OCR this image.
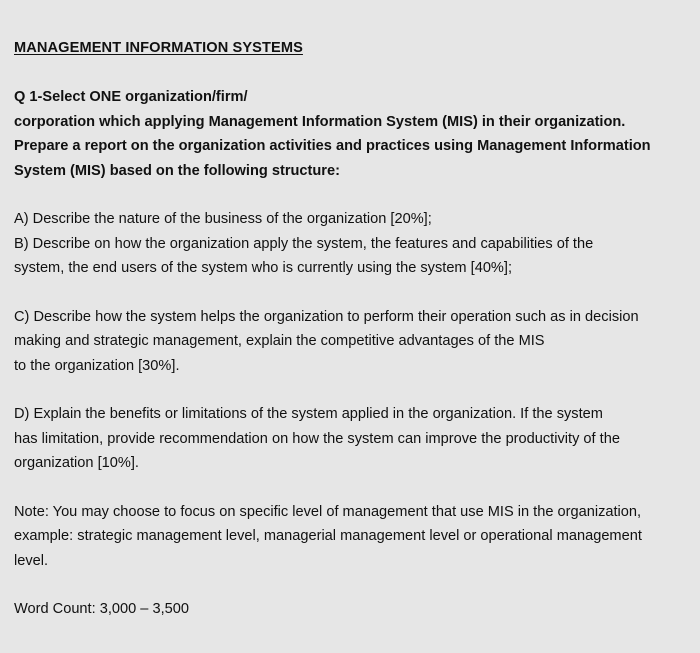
MANAGEMENT INFORMATION SYSTEMS
Q 1-Select ONE organization/firm/
corporation which applying Management Information System (MIS) in their organization.
Prepare a report on the organization activities and practices using Management Information
System (MIS) based on the following structure:
A) Describe the nature of the business of the organization [20%];
B) Describe on how the organization apply the system, the features and capabilities of the
system, the end users of the system who is currently using the system [40%];
C) Describe how the system helps the organization to perform their operation such as in decision
making and strategic management, explain the competitive advantages of the MIS
to the organization [30%].
D) Explain the benefits or limitations of the system applied in the organization. If the system
has limitation, provide recommendation on how the system can improve the productivity of the
organization [10%].
Note: You may choose to focus on specific level of management that use MIS in the organization,
example: strategic management level, managerial management level or operational management
level.
Word Count: 3,000 – 3,500
